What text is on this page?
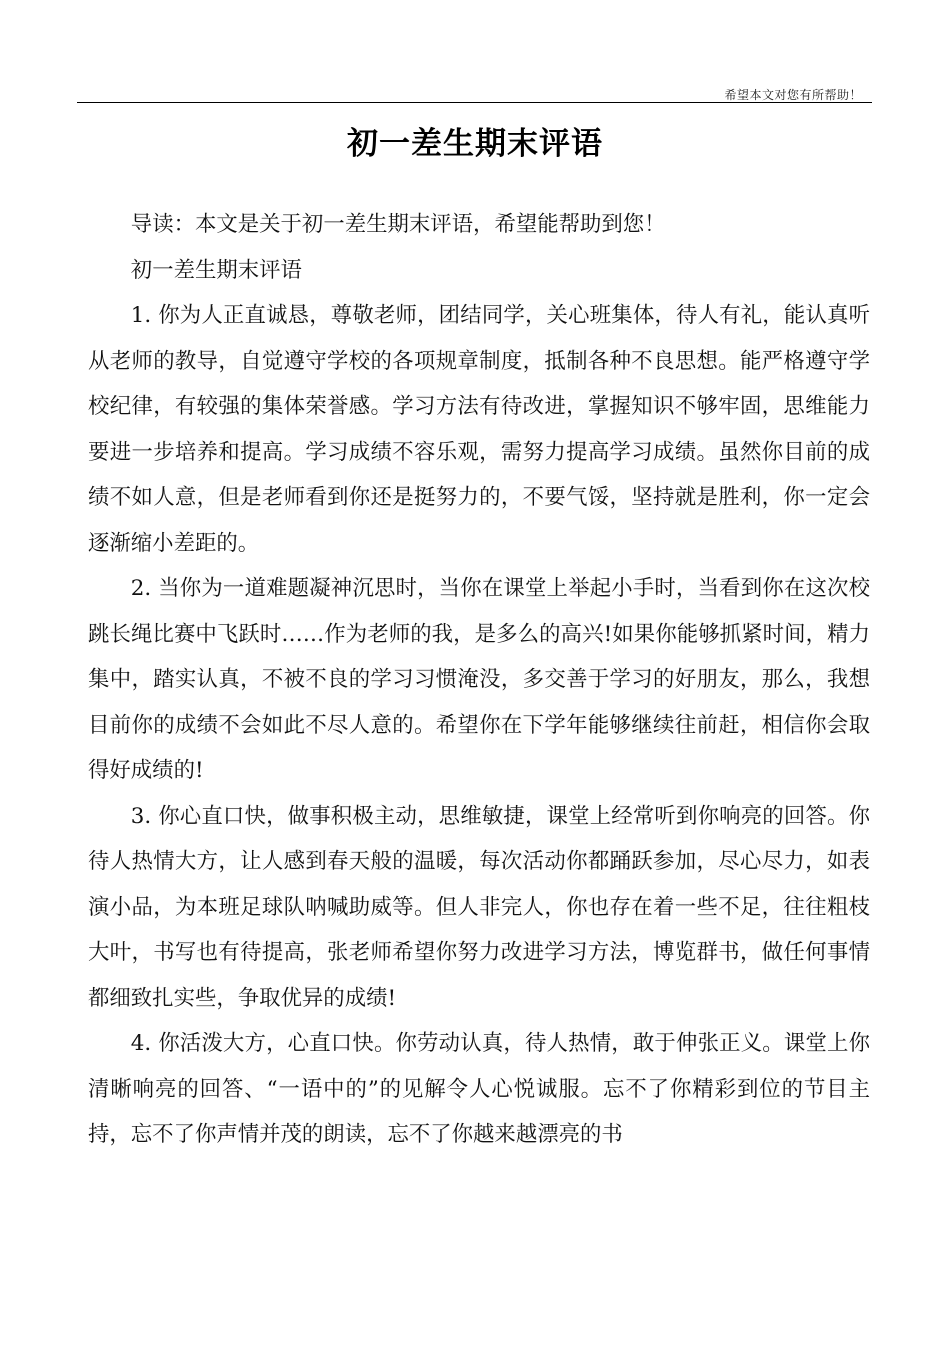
希望本文对您有所帮助！
初一差生期末评语

导读：本文是关于初一差生期末评语，希望能帮助到您！

初一差生期末评语

1. 你为人正直诚恳，尊敬老师，团结同学，关心班集体，待人有礼，能认真听从老师的教导，自觉遵守学校的各项规章制度，抵制各种不良思想。能严格遵守学校纪律，有较强的集体荣誉感。学习方法有待改进，掌握知识不够牢固，思维能力要进一步培养和提高。学习成绩不容乐观，需努力提高学习成绩。虽然你目前的成绩不如人意，但是老师看到你还是挺努力的，不要气馁，坚持就是胜利，你一定会逐渐缩小差距的。

2. 当你为一道难题凝神沉思时，当你在课堂上举起小手时，当看到你在这次校跳长绳比赛中飞跃时……作为老师的我，是多么的高兴!如果你能够抓紧时间，精力集中，踏实认真，不被不良的学习习惯淹没，多交善于学习的好朋友，那么，我想目前你的成绩不会如此不尽人意的。希望你在下学年能够继续往前赶，相信你会取得好成绩的!

3. 你心直口快，做事积极主动，思维敏捷，课堂上经常听到你响亮的回答。你待人热情大方，让人感到春天般的温暖，每次活动你都踊跃参加，尽心尽力，如表演小品，为本班足球队呐喊助威等。但人非完人，你也存在着一些不足，往往粗枝大叶，书写也有待提高，张老师希望你努力改进学习方法，博览群书，做任何事情都细致扎实些，争取优异的成绩!

4. 你活泼大方，心直口快。你劳动认真，待人热情，敢于伸张正义。课堂上你清晰响亮的回答、“一语中的”的见解令人心悦诚服。忘不了你精彩到位的节目主持，忘不了你声情并茂的朗读，忘不了你越来越漂亮的书
